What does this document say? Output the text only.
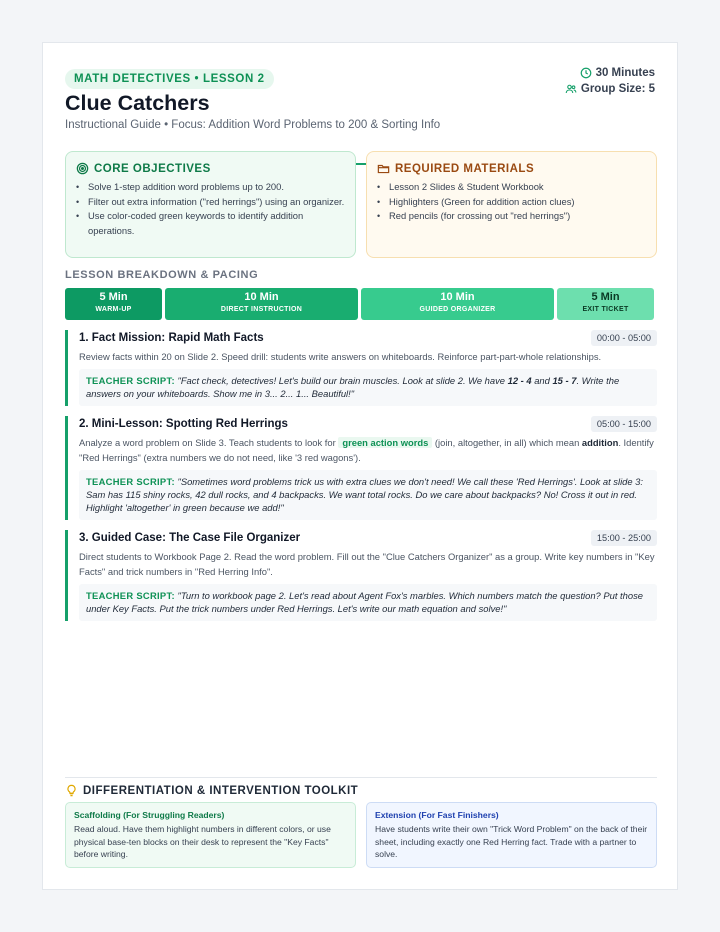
MATH DETECTIVES • LESSON 2
Clue Catchers
Instructional Guide • Focus: Addition Word Problems to 200 & Sorting Info
30 Minutes
Group Size: 5
CORE OBJECTIVES
• Solve 1-step addition word problems up to 200.
• Filter out extra information ("red herrings") using an organizer.
• Use color-coded green keywords to identify addition operations.
REQUIRED MATERIALS
• Lesson 2 Slides & Student Workbook
• Highlighters (Green for addition action clues)
• Red pencils (for crossing out "red herrings")
LESSON BREAKDOWN & PACING
5 Min
WARM-UP
10 Min
DIRECT INSTRUCTION
10 Min
GUIDED ORGANIZER
5 Min
EXIT TICKET
1. Fact Mission: Rapid Math Facts	00:00 - 05:00
Review facts within 20 on Slide 2. Speed drill: students write answers on whiteboards. Reinforce part-part-whole relationships.
TEACHER SCRIPT: "Fact check, detectives! Let's build our brain muscles. Look at slide 2. We have 12 - 4 and 15 - 7. Write the answers on your whiteboards. Show me in 3... 2... 1... Beautiful!"
2. Mini-Lesson: Spotting Red Herrings	05:00 - 15:00
Analyze a word problem on Slide 3. Teach students to look for green action words (join, altogether, in all) which mean addition. Identify "Red Herrings" (extra numbers we do not need, like '3 red wagons').
TEACHER SCRIPT: "Sometimes word problems trick us with extra clues we don't need! We call these 'Red Herrings'. Look at slide 3: Sam has 115 shiny rocks, 42 dull rocks, and 4 backpacks. We want total rocks. Do we care about backpacks? No! Cross it out in red. Highlight 'altogether' in green because we add!"
3. Guided Case: The Case File Organizer	15:00 - 25:00
Direct students to Workbook Page 2. Read the word problem. Fill out the "Clue Catchers Organizer" as a group. Write key numbers in "Key Facts" and trick numbers in "Red Herring Info".
TEACHER SCRIPT: "Turn to workbook page 2. Let's read about Agent Fox's marbles. Which numbers match the question? Put those under Key Facts. Put the trick numbers under Red Herrings. Let's write our math equation and solve!"
DIFFERENTIATION & INTERVENTION TOOLKIT
Scaffolding (For Struggling Readers)
Read aloud. Have them highlight numbers in different colors, or use physical base-ten blocks on their desk to represent the "Key Facts" before writing.
Extension (For Fast Finishers)
Have students write their own "Trick Word Problem" on the back of their sheet, including exactly one Red Herring fact. Trade with a partner to solve.
